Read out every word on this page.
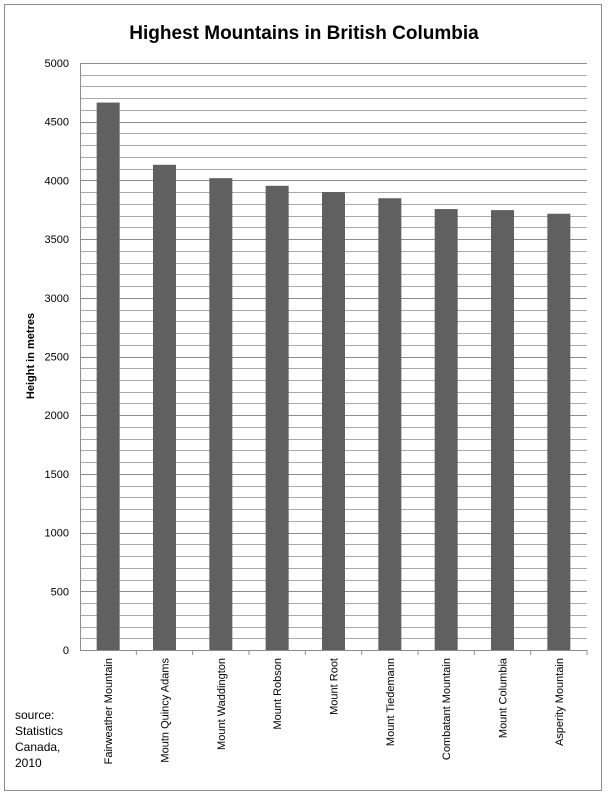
Highest Mountains in British Columbia
0
500
1000
1500
2000
2500
3000
3500
4000
4500
5000
Fairweather Mountain	Moutn Quincy Adams	Mount Waddington	Mount Robson	Mount Root	Mount Tiedemann	Combatant Mountain	Mount Columbia	Asperity Mountain
Height in metres
source:
Statistics
Canada,
2010
